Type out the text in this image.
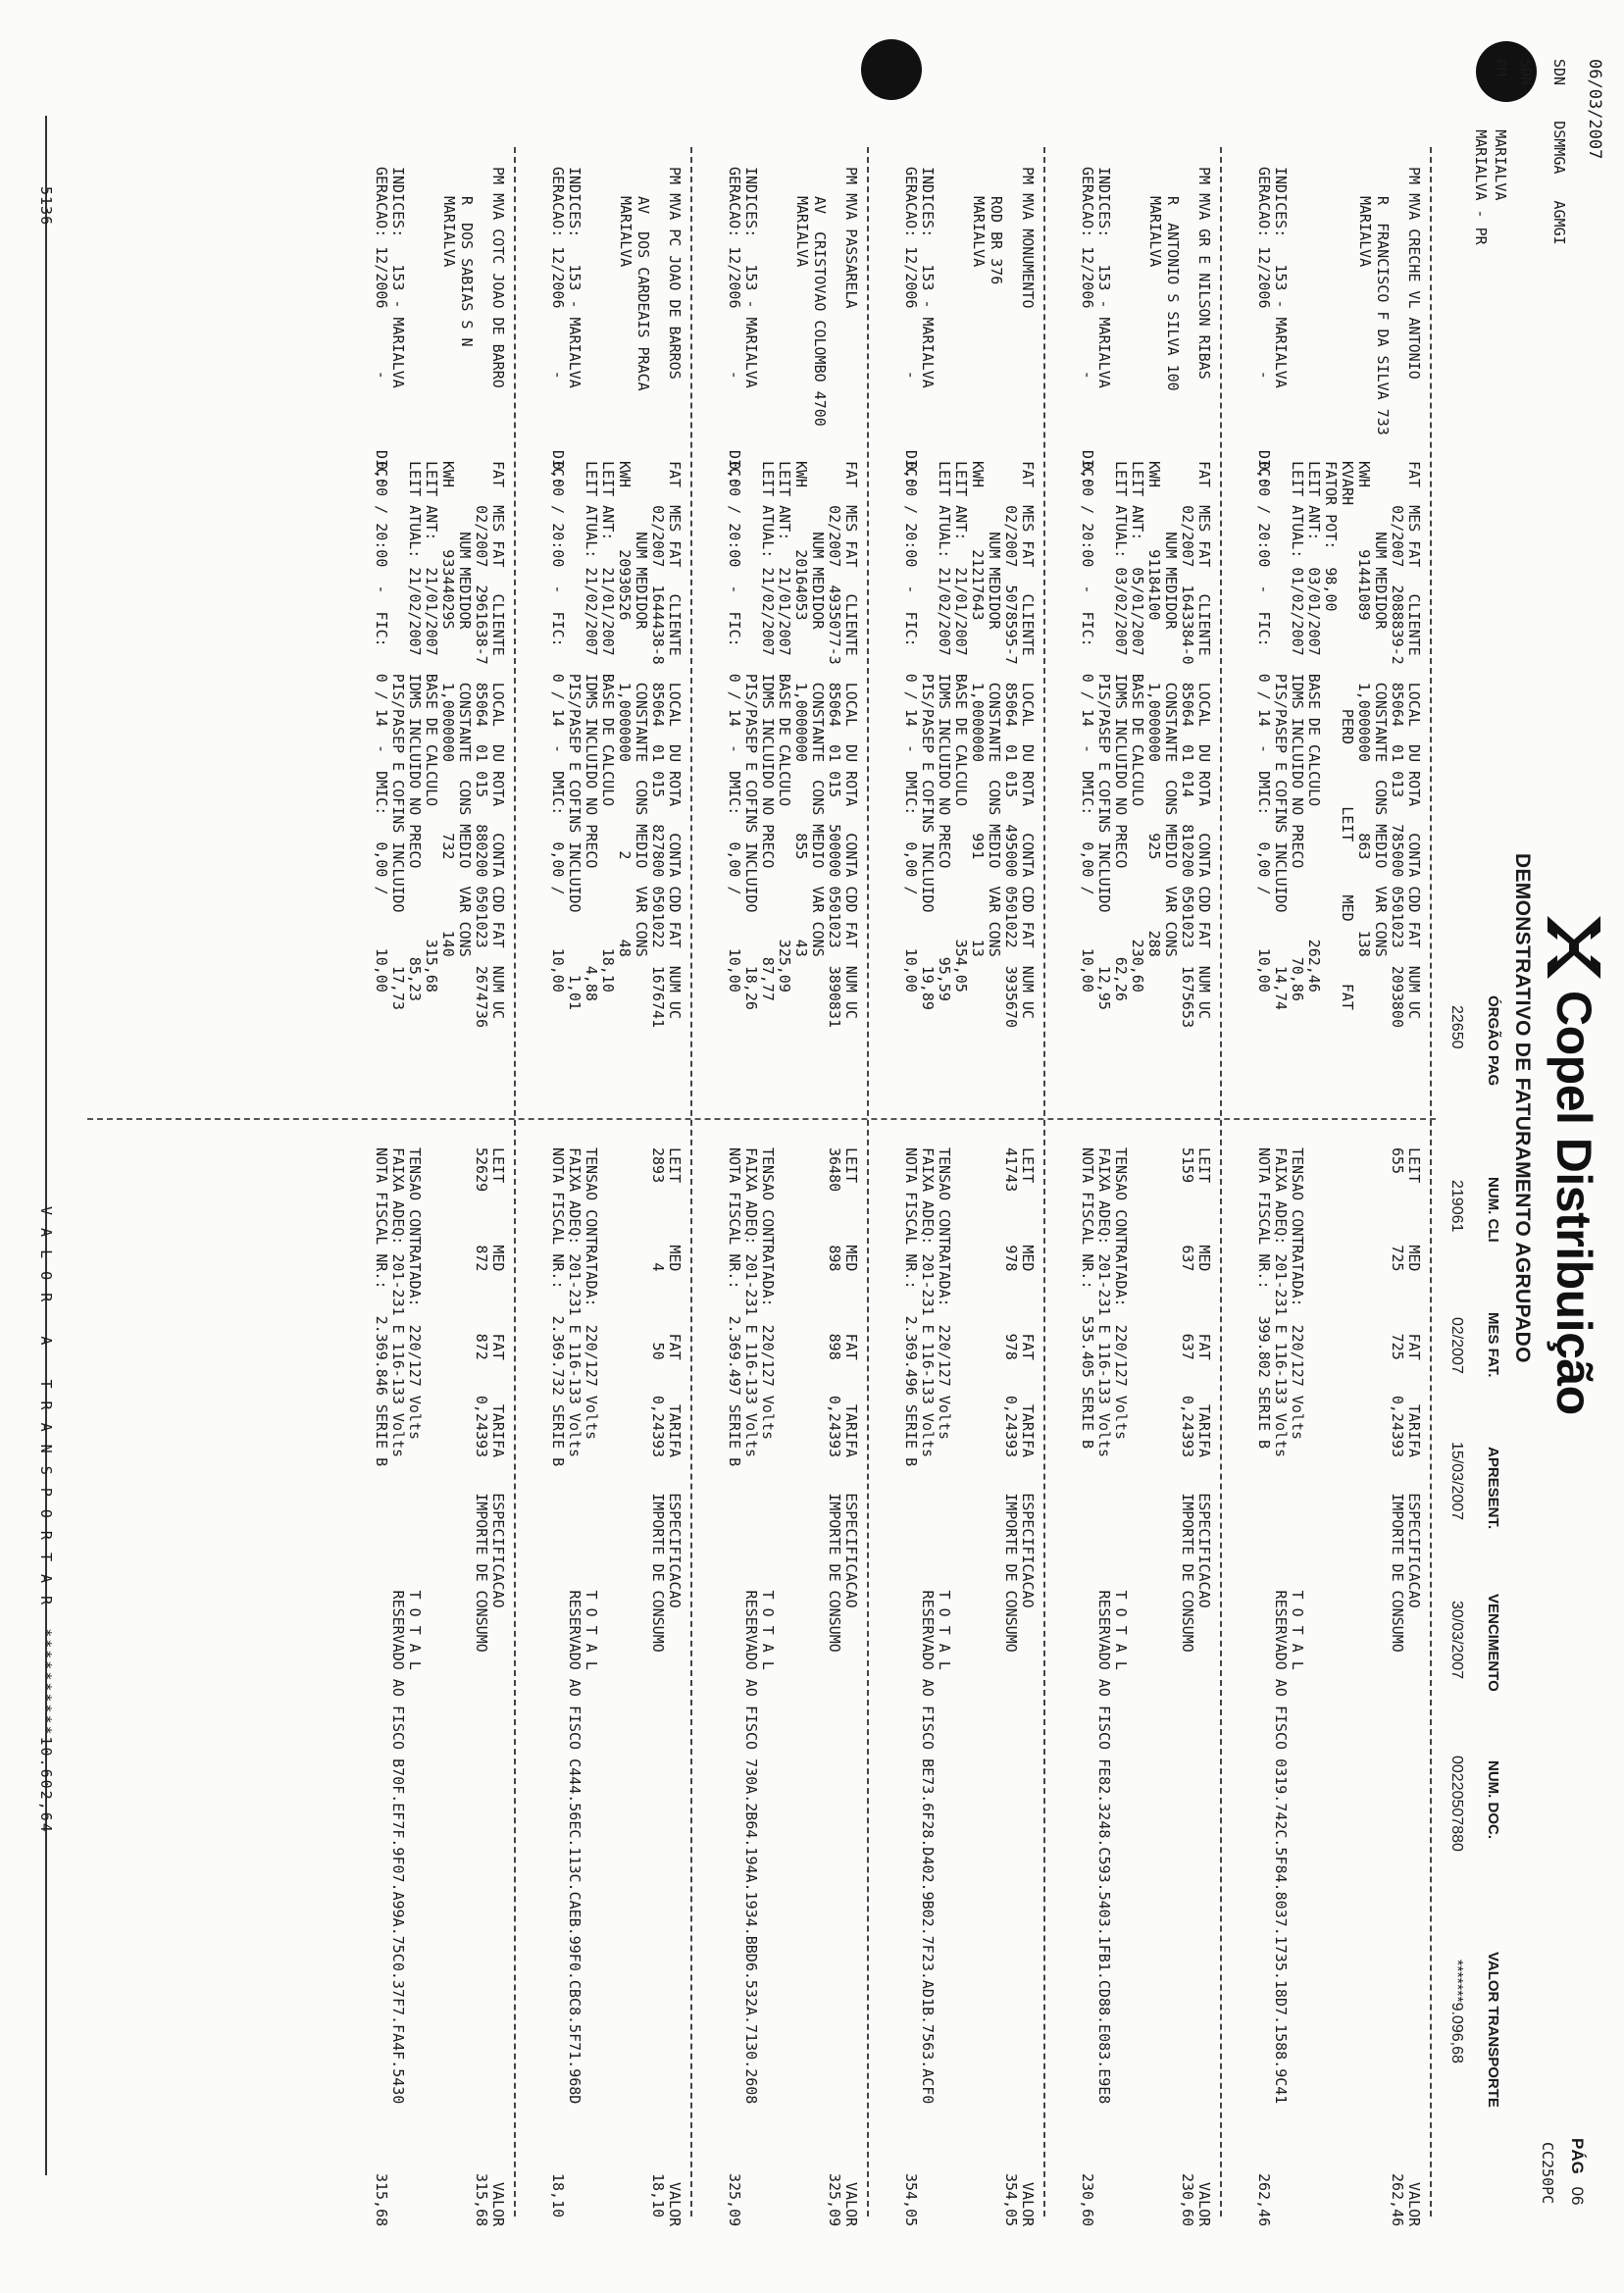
06/03/2007
SDN    DSMMGA   AGMGI
SDN
PM      MARIALVA
MARIALVA - PR
Copel Distribuição
DEMONSTRATIVO DE FATURAMENTO AGRUPADO
PÁG 06
CC250PC
ÓRGÃO PAG
NUM. CLI
MES FAT.
APRESENT.
VENCIMENTO
NUM. DOC.
VALOR TRANSPORTE
22650
219061
02/2007
15/03/2007
30/03/2007
00220507880
*******9.096,68
PM MVA CRECHE VL ANTONIO
R  FRANCISCO F DA SILVA 733
MARIALVA
FAT  MES FAT   CLIENTE   LOCAL  DU ROTA   CONTA CDD FAT  NUM UC
02/2007  2088839-2  85064  01 013   785000 0501023  2093800
NUM MEDIDOR      CONSTANTE  CONS MEDIO  VAR CONS
KWH       91441089       1,0000000        863        138
KVARH                       PERD       LEIT      MED       FAT
FATOR POT:  98,00
LEIT ANT:   03/01/2007  BASE DE CALCULO               262,46
LEIT ATUAL: 01/02/2007  IDMS INCLUIDO NO PRECO          70,86
PIS/PASEP E COFINS INCLUIDO      14,74
0,00 / 20:00  -  FIC:   0 / 14  -  DMIC:   0,00 /      10,00
INDICES:   153 - MARIALVA
GERACAO: 12/2006       -        DIC:
LEIT       MED       FAT     TARIFA    ESPECIFICACAO
655        725       725    0,24393    IMPORTE DE CONSUMO

TENSAO CONTRATADA:  220/127 Volts                 T O T A L
FAIXA ADEQ: 201-231 E 116-133 Volts               RESERVADO AO FISCO 0319.742C.5F84.8037.1735.18D7.1588.9C41
NOTA FISCAL NR.:   399.802 SERIE B
VALOR
262,46
262,46
PM MVA GR E NILSON RIBAS
R  ANTONIO S SILVA 100
MARIALVA
FAT  MES FAT   CLIENTE   LOCAL  DU ROTA   CONTA CDD FAT  NUM UC
02/2007  1643384-0  85064  01 014   810200 0501023  1675653
NUM MEDIDOR      CONSTANTE  CONS MEDIO  VAR CONS
KWH       91184100       1,0000000        925        288
LEIT ANT:   05/01/2007  BASE DE CALCULO               230,60
LEIT ATUAL: 03/02/2007  IDMS INCLUIDO NO PRECO          62,26
PIS/PASEP E COFINS INCLUIDO      12,95
0,00 / 20:00  -  FIC:   0 / 14  -  DMIC:   0,00 /      10,00
INDICES:   153 - MARIALVA
GERACAO: 12/2006       -        DIC:
LEIT       MED       FAT     TARIFA    ESPECIFICACAO
5159       637       637    0,24393    IMPORTE DE CONSUMO

TENSAO CONTRATADA:  220/127 Volts                 T O T A L
FAIXA ADEQ: 201-231 E 116-133 Volts               RESERVADO AO FISCO FE82.3248.C593.5403.1FB1.CD88.E083.E9E8
NOTA FISCAL NR.:   535.405 SERIE B
VALOR
230,60
230,60
PM MVA MONUMENTO
ROD BR 376
MARIALVA
FAT  MES FAT   CLIENTE   LOCAL  DU ROTA   CONTA CDD FAT  NUM UC
02/2007  5078595-7  85064  01 015   495000 0501022  3935670
NUM MEDIDOR      CONSTANTE  CONS MEDIO  VAR CONS
KWH       21217643       1,0000000        991         13
LEIT ANT:   21/01/2007  BASE DE CALCULO               354,05
LEIT ATUAL: 21/02/2007  IDMS INCLUIDO NO PRECO          95,59
PIS/PASEP E COFINS INCLUIDO      19,89
0,00 / 20:00  -  FIC:   0 / 14  -  DMIC:   0,00 /      10,00
INDICES:   153 - MARIALVA
GERACAO: 12/2006       -        DIC:
LEIT       MED       FAT     TARIFA    ESPECIFICACAO
41743      978       978    0,24393    IMPORTE DE CONSUMO

TENSAO CONTRATADA:  220/127 Volts                 T O T A L
FAIXA ADEQ: 201-231 E 116-133 Volts               RESERVADO AO FISCO BE73.6F28.D402.9B02.7F23.AD1B.7563.ACF0
NOTA FISCAL NR.:   2.369.496 SERIE B
VALOR
354,05
354,05
PM MVA PASSARELA
AV  CRISTOVAO COLOMBO 4700
MARIALVA
FAT  MES FAT   CLIENTE   LOCAL  DU ROTA   CONTA CDD FAT  NUM UC
02/2007  4935077-3  85064  01 015   500000 0501023  3890831
NUM MEDIDOR      CONSTANTE  CONS MEDIO  VAR CONS
KWH       20164053       1,0000000        855         43
LEIT ANT:   21/01/2007  BASE DE CALCULO               325,09
LEIT ATUAL: 21/02/2007  IDMS INCLUIDO NO PRECO          87,77
PIS/PASEP E COFINS INCLUIDO      18,26
0,00 / 20:00  -  FIC:   0 / 14  -  DMIC:   0,00 /      10,00
INDICES:   153 - MARIALVA
GERACAO: 12/2006       -        DIC:
LEIT       MED       FAT     TARIFA    ESPECIFICACAO
36480      898       898    0,24393    IMPORTE DE CONSUMO

TENSAO CONTRATADA:  220/127 Volts                 T O T A L
FAIXA ADEQ: 201-231 E 116-133 Volts               RESERVADO AO FISCO 730A.2B64.194A.1934.BBD6.532A.7130.2608
NOTA FISCAL NR.:   2.369.497 SERIE B
VALOR
325,09
325,09
PM MVA PC JOAO DE BARROS
AV  DOS CARDEAIS PRACA
MARIALVA
FAT  MES FAT   CLIENTE   LOCAL  DU ROTA   CONTA CDD FAT  NUM UC
02/2007  1644438-8  85064  01 015   827800 0501022  1676741
NUM MEDIDOR      CONSTANTE  CONS MEDIO  VAR CONS
KWH       20930526       1,0000000          2         48
LEIT ANT:   21/01/2007  BASE DE CALCULO                18,10
LEIT ATUAL: 21/02/2007  IDMS INCLUIDO NO PRECO           4,88
PIS/PASEP E COFINS INCLUIDO       1,01
0,00 / 20:00  -  FIC:   0 / 14  -  DMIC:   0,00 /      10,00
INDICES:   153 - MARIALVA
GERACAO: 12/2006       -        DIC:
LEIT       MED       FAT     TARIFA    ESPECIFICACAO
2893         4        50    0,24393    IMPORTE DE CONSUMO

TENSAO CONTRATADA:  220/127 Volts                 T O T A L
FAIXA ADEQ: 201-231 E 116-133 Volts               RESERVADO AO FISCO C444.56EC.113C.CAEB.99F0.CBC8.5F71.968D
NOTA FISCAL NR.:   2.369.732 SERIE B
VALOR
18,10
18,10
PM MVA COTC JOAO DE BARRO
R  DOS SABIAS S N
MARIALVA
FAT  MES FAT   CLIENTE   LOCAL  DU ROTA   CONTA CDD FAT  NUM UC
02/2007  2961638-7  85064  01 015   880200 0501023  2674736
NUM MEDIDOR      CONSTANTE  CONS MEDIO  VAR CONS
KWH       93344029S      1,0000000        732        140
LEIT ANT:   21/01/2007  BASE DE CALCULO               315,68
LEIT ATUAL: 21/02/2007  IDMS INCLUIDO NO PRECO          85,23
PIS/PASEP E COFINS INCLUIDO      17,73
0,00 / 20:00  -  FIC:   0 / 14  -  DMIC:   0,00 /      10,00
INDICES:   153 - MARIALVA
GERACAO: 12/2006       -        DIC:
LEIT       MED       FAT     TARIFA    ESPECIFICACAO
52629      872       872    0,24393    IMPORTE DE CONSUMO

TENSAO CONTRATADA:  220/127 Volts                 T O T A L
FAIXA ADEQ: 201-231 E 116-133 Volts               RESERVADO AO FISCO B70F.EF7F.9F07.A99A.75C0.37F7.FA4F.5430
NOTA FISCAL NR.:   2.369.846 SERIE B
VALOR
315,68
315,68
5136
V A L O R   A   T R A N S P O R T A R  **********10.602,64
